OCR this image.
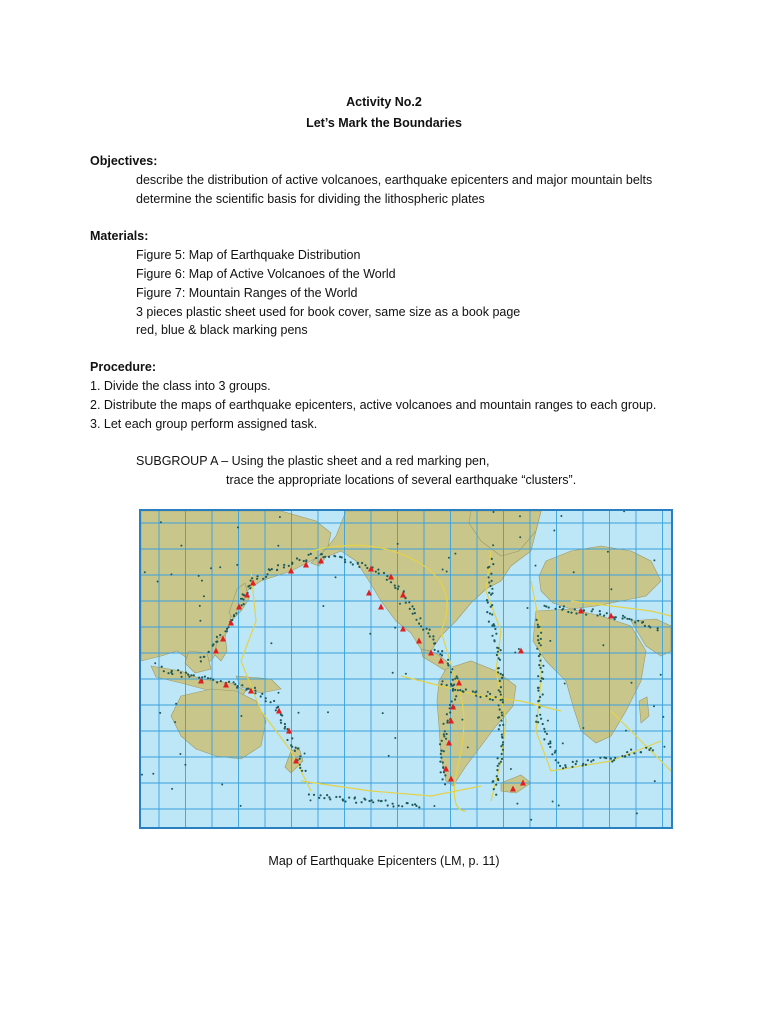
Activity No.2
Let’s Mark the Boundaries
Objectives:
describe the distribution of active volcanoes, earthquake epicenters and major mountain belts
determine the scientific basis for dividing the lithospheric plates
Materials:
Figure 5: Map of Earthquake Distribution
Figure 6: Map of Active Volcanoes of the World
Figure 7: Mountain Ranges of the World
3 pieces plastic sheet used for book cover, same size as a book page
red, blue & black marking pens
Procedure:
1. Divide the class into 3 groups.
2. Distribute the maps of earthquake epicenters, active volcanoes and mountain ranges to each group.
3. Let each group perform assigned task.
SUBGROUP A – Using the plastic sheet and a red marking pen,
trace the appropriate locations of several earthquake “clusters”.
Map of Earthquake Epicenters (LM, p. 11)
